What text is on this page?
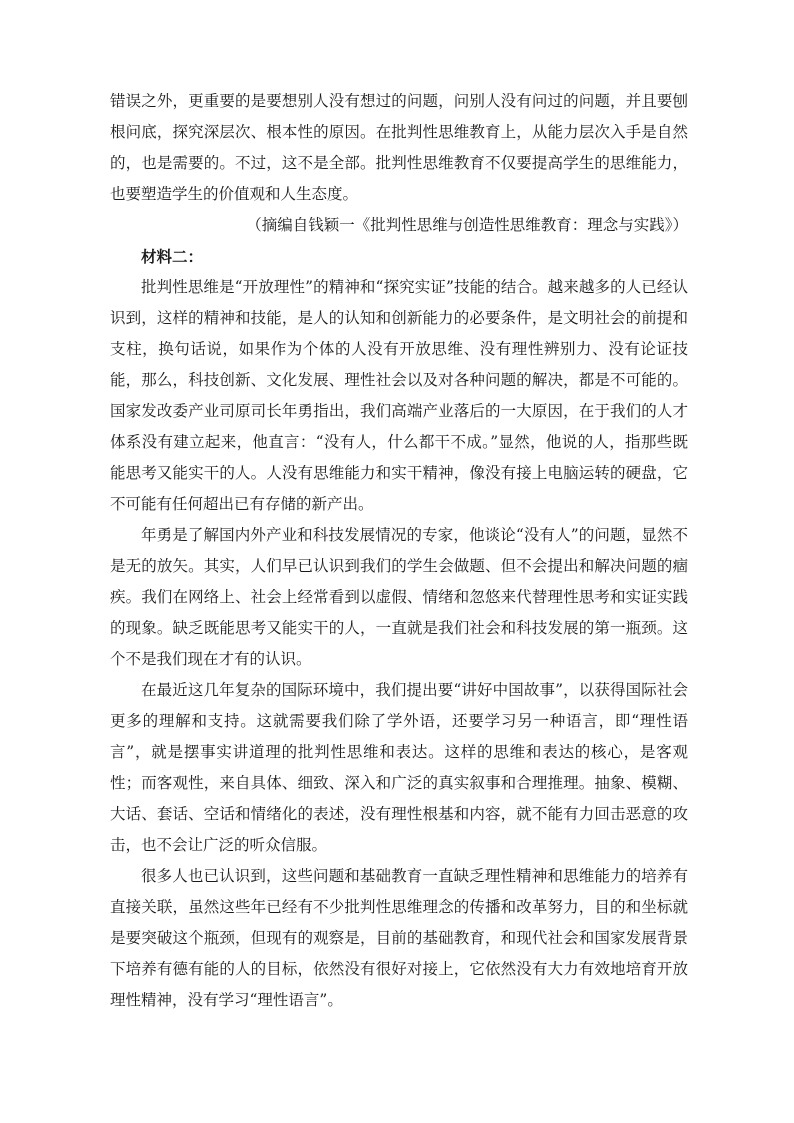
错误之外，更重要的是要想别人没有想过的问题，问别人没有问过的问题，并且要刨根问底，探究深层次、根本性的原因。在批判性思维教育上，从能力层次入手是自然的，也是需要的。不过，这不是全部。批判性思维教育不仅要提高学生的思维能力，也要塑造学生的价值观和人生态度。

（摘编自钱颖一《批判性思维与创造性思维教育：理念与实践》）

材料二：

批判性思维是“开放理性”的精神和“探究实证”技能的结合。越来越多的人已经认识到，这样的精神和技能，是人的认知和创新能力的必要条件，是文明社会的前提和支柱，换句话说，如果作为个体的人没有开放思维、没有理性辨别力、没有论证技能，那么，科技创新、文化发展、理性社会以及对各种问题的解决，都是不可能的。国家发改委产业司原司长年勇指出，我们高端产业落后的一大原因，在于我们的人才体系没有建立起来，他直言：“没有人，什么都干不成。”显然，他说的人，指那些既能思考又能实干的人。人没有思维能力和实干精神，像没有接上电脑运转的硬盘，它不可能有任何超出已有存储的新产出。

年勇是了解国内外产业和科技发展情况的专家，他谈论“没有人”的问题，显然不是无的放矢。其实，人们早已认识到我们的学生会做题、但不会提出和解决问题的痼疾。我们在网络上、社会上经常看到以虚假、情绪和忽悠来代替理性思考和实证实践的现象。缺乏既能思考又能实干的人，一直就是我们社会和科技发展的第一瓶颈。这个不是我们现在才有的认识。

在最近这几年复杂的国际环境中，我们提出要“讲好中国故事”，以获得国际社会更多的理解和支持。这就需要我们除了学外语，还要学习另一种语言，即“理性语言”，就是摆事实讲道理的批判性思维和表达。这样的思维和表达的核心，是客观性；而客观性，来自具体、细致、深入和广泛的真实叙事和合理推理。抽象、模糊、大话、套话、空话和情绪化的表述，没有理性根基和内容，就不能有力回击恶意的攻击，也不会让广泛的听众信服。

很多人也已认识到，这些问题和基础教育一直缺乏理性精神和思维能力的培养有直接关联，虽然这些年已经有不少批判性思维理念的传播和改革努力，目的和坐标就是要突破这个瓶颈，但现有的观察是，目前的基础教育，和现代社会和国家发展背景下培养有德有能的人的目标，依然没有很好对接上，它依然没有大力有效地培育开放理性精神，没有学习“理性语言”。
